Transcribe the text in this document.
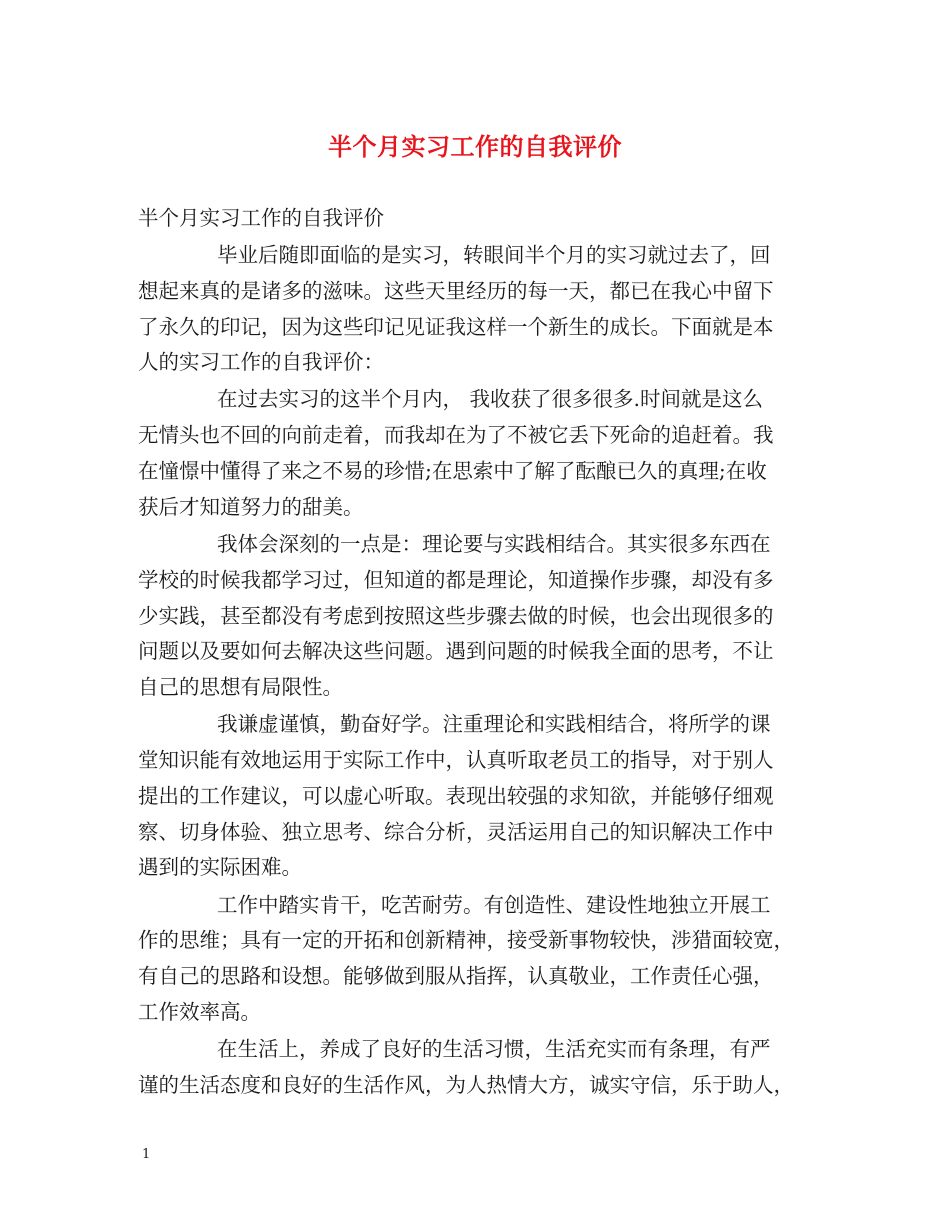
半个月实习工作的自我评价

半个月实习工作的自我评价

毕业后随即面临的是实习，转眼间半个月的实习就过去了，回
想起来真的是诸多的滋味。这些天里经历的每一天，都已在我心中留下
了永久的印记，因为这些印记见证我这样一个新生的成长。下面就是本
人的实习工作的自我评价：

在过去实习的这半个月内， 我收获了很多很多.时间就是这么
无情头也不回的向前走着，而我却在为了不被它丢下死命的追赶着。我
在憧憬中懂得了来之不易的珍惜;在思索中了解了酝酿已久的真理;在收
获后才知道努力的甜美。

我体会深刻的一点是：理论要与实践相结合。其实很多东西在
学校的时候我都学习过，但知道的都是理论，知道操作步骤，却没有多
少实践，甚至都没有考虑到按照这些步骤去做的时候，也会出现很多的
问题以及要如何去解决这些问题。遇到问题的时候我全面的思考，不让
自己的思想有局限性。

我谦虚谨慎，勤奋好学。注重理论和实践相结合，将所学的课
堂知识能有效地运用于实际工作中，认真听取老员工的指导，对于别人
提出的工作建议，可以虚心听取。表现出较强的求知欲，并能够仔细观
察、切身体验、独立思考、综合分析，灵活运用自己的知识解决工作中
遇到的实际困难。

工作中踏实肯干，吃苦耐劳。有创造性、建设性地独立开展工
作的思维；具有一定的开拓和创新精神，接受新事物较快，涉猎面较宽，
有自己的思路和设想。能够做到服从指挥，认真敬业，工作责任心强，
工作效率高。

在生活上，养成了良好的生活习惯，生活充实而有条理，有严
谨的生活态度和良好的生活作风，为人热情大方，诚实守信，乐于助人，

1
